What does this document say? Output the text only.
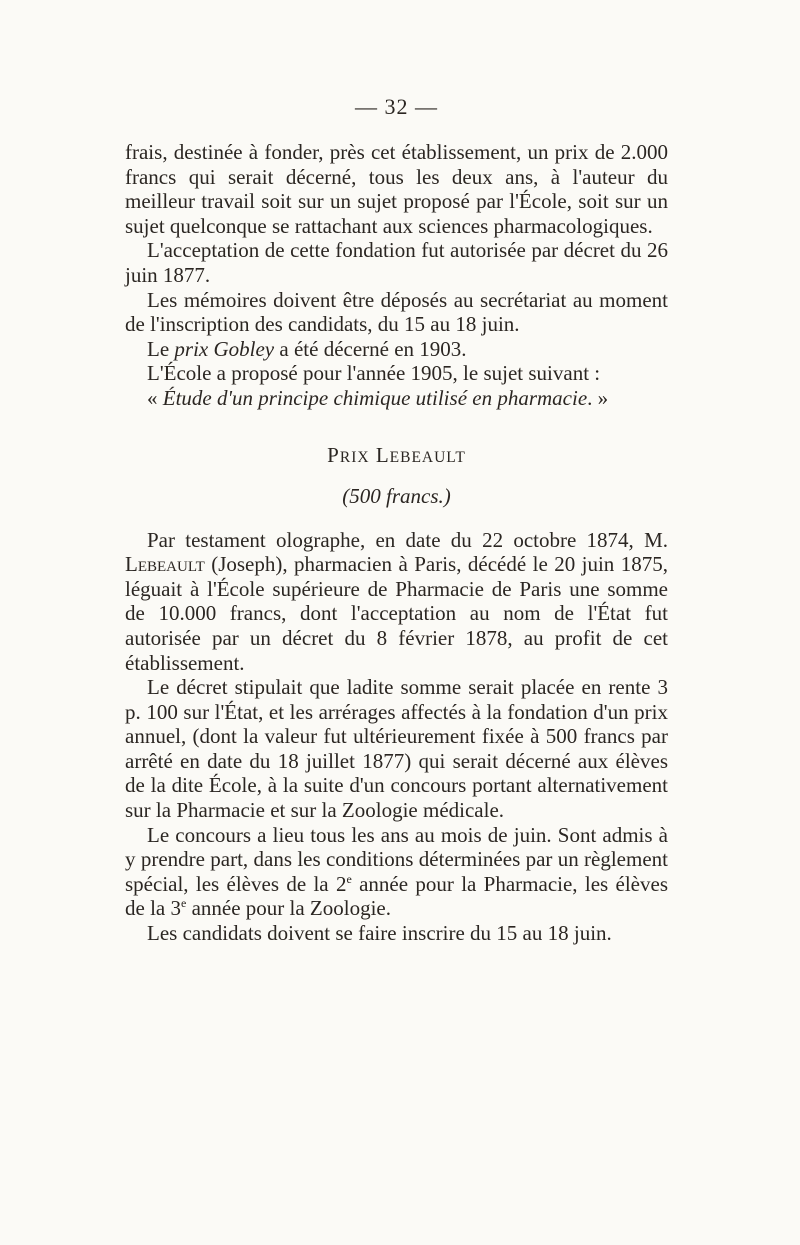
— 32 —

frais, destinée à fonder, près cet établissement, un prix de 2.000 francs qui serait décerné, tous les deux ans, à l'auteur du meilleur travail soit sur un sujet proposé par l'École, soit sur un sujet quelconque se rattachant aux sciences pharmacologiques.

L'acceptation de cette fondation fut autorisée par décret du 26 juin 1877.

Les mémoires doivent être déposés au secrétariat au moment de l'inscription des candidats, du 15 au 18 juin.

Le prix Gobley a été décerné en 1903.

L'École a proposé pour l'année 1905, le sujet suivant :

« Étude d'un principe chimique utilisé en pharmacie. »

PRIX LEBEAULT
(500 francs.)

Par testament olographe, en date du 22 octobre 1874, M. Lebeault (Joseph), pharmacien à Paris, décédé le 20 juin 1875, léguait à l'École supérieure de Pharmacie de Paris une somme de 10.000 francs, dont l'acceptation au nom de l'État fut autorisée par un décret du 8 février 1878, au profit de cet établissement.

Le décret stipulait que ladite somme serait placée en rente 3 p. 100 sur l'État, et les arrérages affectés à la fondation d'un prix annuel, (dont la valeur fut ultérieurement fixée à 500 francs par arrêté en date du 18 juillet 1877) qui serait décerné aux élèves de la dite École, à la suite d'un concours portant alternativement sur la Pharmacie et sur la Zoologie médicale.

Le concours a lieu tous les ans au mois de juin. Sont admis à y prendre part, dans les conditions déterminées par un règlement spécial, les élèves de la 2e année pour la Pharmacie, les élèves de la 3e année pour la Zoologie.

Les candidats doivent se faire inscrire du 15 au 18 juin.
